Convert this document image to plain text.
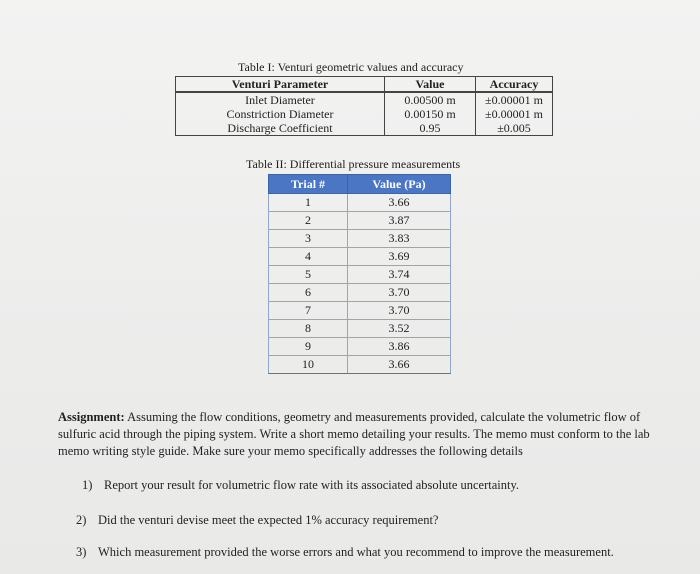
Table I: Venturi geometric values and accuracy
Venturi Parameter	Value	Accuracy
Inlet Diameter	0.00500 m	±0.00001 m
Constriction Diameter	0.00150 m	±0.00001 m
Discharge Coefficient	0.95	±0.005
Table II: Differential pressure measurements
Trial #	Value (Pa)
1	3.66
2	3.87
3	3.83
4	3.69
5	3.74
6	3.70
7	3.70
8	3.52
9	3.86
10	3.66
Assignment: Assuming the flow conditions, geometry and measurements provided, calculate the volumetric flow of sulfuric acid through the piping system. Write a short memo detailing your results. The memo must conform to the lab memo writing style guide. Make sure your memo specifically addresses the following details
1) Report your result for volumetric flow rate with its associated absolute uncertainty.
2) Did the venturi devise meet the expected 1% accuracy requirement?
3) Which measurement provided the worse errors and what you recommend to improve the measurement.
